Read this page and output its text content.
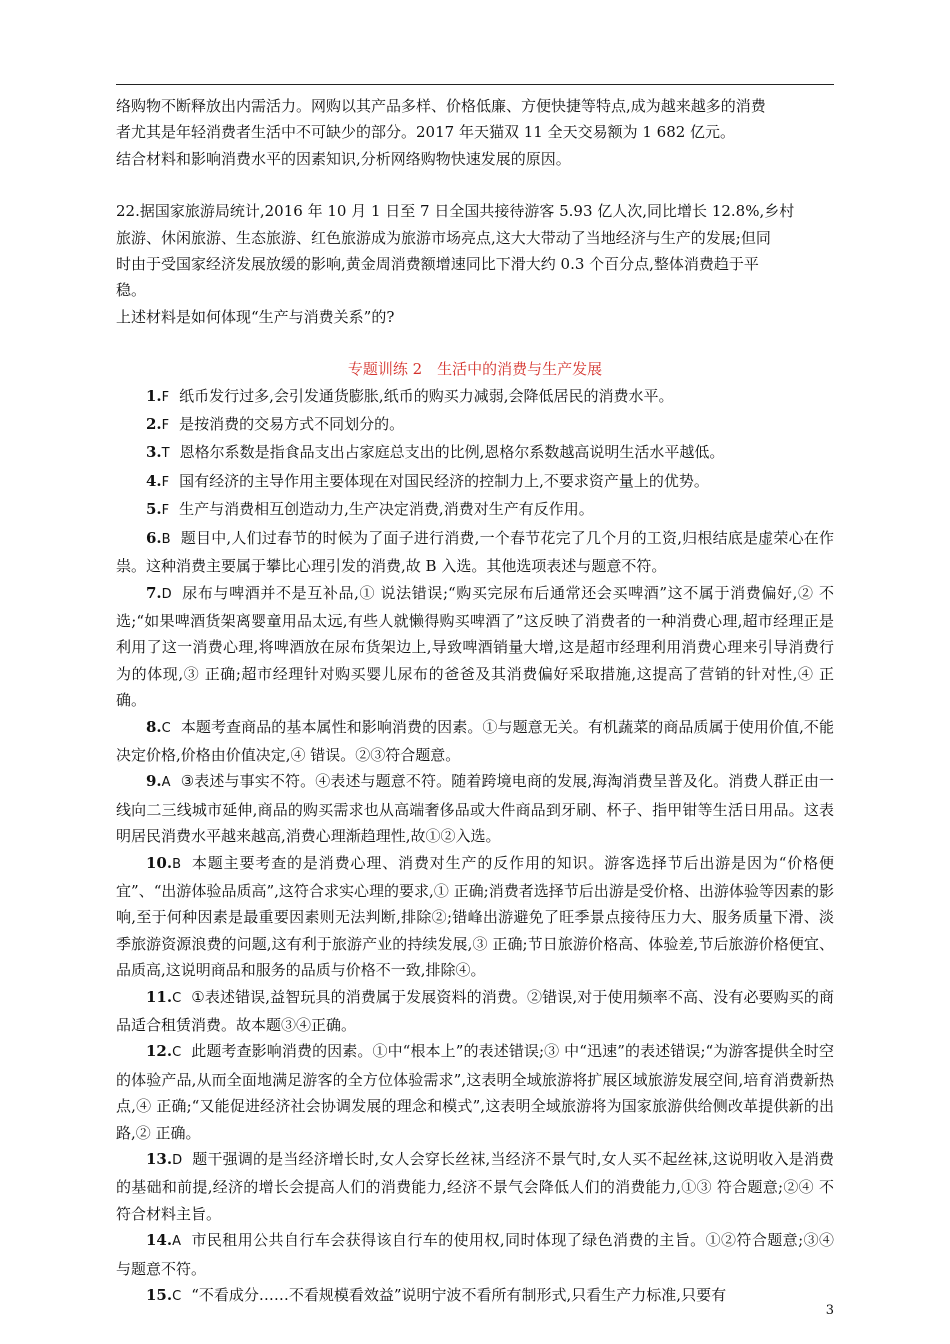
络购物不断释放出内需活力。网购以其产品多样、价格低廉、方便快捷等特点,成为越来越多的消费

者尤其是年轻消费者生活中不可缺少的部分。2017 年天猫双 11 全天交易额为 1 682 亿元。

结合材料和影响消费水平的因素知识,分析网络购物快速发展的原因。

22.据国家旅游局统计,2016 年 10 月 1 日至 7 日全国共接待游客 5.93 亿人次,同比增长 12.8%,乡村

旅游、休闲旅游、生态旅游、红色旅游成为旅游市场亮点,这大大带动了当地经济与生产的发展;但同

时由于受国家经济发展放缓的影响,黄金周消费额增速同比下滑大约 0.3 个百分点,整体消费趋于平

稳。

上述材料是如何体现“生产与消费关系”的?

专题训练 2　生活中的消费与生产发展

1.F 纸币发行过多,会引发通货膨胀,纸币的购买力减弱,会降低居民的消费水平。

2.F 是按消费的交易方式不同划分的。

3.T 恩格尔系数是指食品支出占家庭总支出的比例,恩格尔系数越高说明生活水平越低。

4.F 国有经济的主导作用主要体现在对国民经济的控制力上,不要求资产量上的优势。

5.F 生产与消费相互创造动力,生产决定消费,消费对生产有反作用。

6.B 题目中,人们过春节的时候为了面子进行消费,一个春节花完了几个月的工资,归根结底是虚荣心在作祟。这种消费主要属于攀比心理引发的消费,故 B 入选。其他选项表述与题意不符。

7.D 尿布与啤酒并不是互补品,① 说法错误;“购买完尿布后通常还会买啤酒”这不属于消费偏好,② 不选;“如果啤酒货架离婴童用品太远,有些人就懒得购买啤酒了”这反映了消费者的一种消费心理,超市经理正是利用了这一消费心理,将啤酒放在尿布货架边上,导致啤酒销量大增,这是超市经理利用消费心理来引导消费行为的体现,③ 正确;超市经理针对购买婴儿尿布的爸爸及其消费偏好采取措施,这提高了营销的针对性,④ 正确。

8.C 本题考查商品的基本属性和影响消费的因素。①与题意无关。有机蔬菜的商品质属于使用价值,不能决定价格,价格由价值决定,④ 错误。②③符合题意。

9.A ③表述与事实不符。④表述与题意不符。随着跨境电商的发展,海淘消费呈普及化。消费人群正由一线向二三线城市延伸,商品的购买需求也从高端奢侈品或大件商品到牙刷、杯子、指甲钳等生活日用品。这表明居民消费水平越来越高,消费心理渐趋理性,故①②入选。

10.B 本题主要考查的是消费心理、消费对生产的反作用的知识。游客选择节后出游是因为“价格便宜”、“出游体验品质高”,这符合求实心理的要求,① 正确;消费者选择节后出游是受价格、出游体验等因素的影响,至于何种因素是最重要因素则无法判断,排除②;错峰出游避免了旺季景点接待压力大、服务质量下滑、淡季旅游资源浪费的问题,这有利于旅游产业的持续发展,③ 正确;节日旅游价格高、体验差,节后旅游价格便宜、品质高,这说明商品和服务的品质与价格不一致,排除④。

11.C ①表述错误,益智玩具的消费属于发展资料的消费。②错误,对于使用频率不高、没有必要购买的商品适合租赁消费。故本题③④正确。

12.C 此题考查影响消费的因素。①中“根本上”的表述错误;③ 中“迅速”的表述错误;“为游客提供全时空的体验产品,从而全面地满足游客的全方位体验需求”,这表明全域旅游将扩展区域旅游发展空间,培育消费新热点,④ 正确;“又能促进经济社会协调发展的理念和模式”,这表明全域旅游将为国家旅游供给侧改革提供新的出路,② 正确。

13.D 题干强调的是当经济增长时,女人会穿长丝袜,当经济不景气时,女人买不起丝袜,这说明收入是消费的基础和前提,经济的增长会提高人们的消费能力,经济不景气会降低人们的消费能力,①③ 符合题意;②④ 不符合材料主旨。

14.A 市民租用公共自行车会获得该自行车的使用权,同时体现了绿色消费的主旨。①②符合题意;③④ 与题意不符。

15.C “不看成分……不看规模看效益”说明宁波不看所有制形式,只看生产力标准,只要有

3
